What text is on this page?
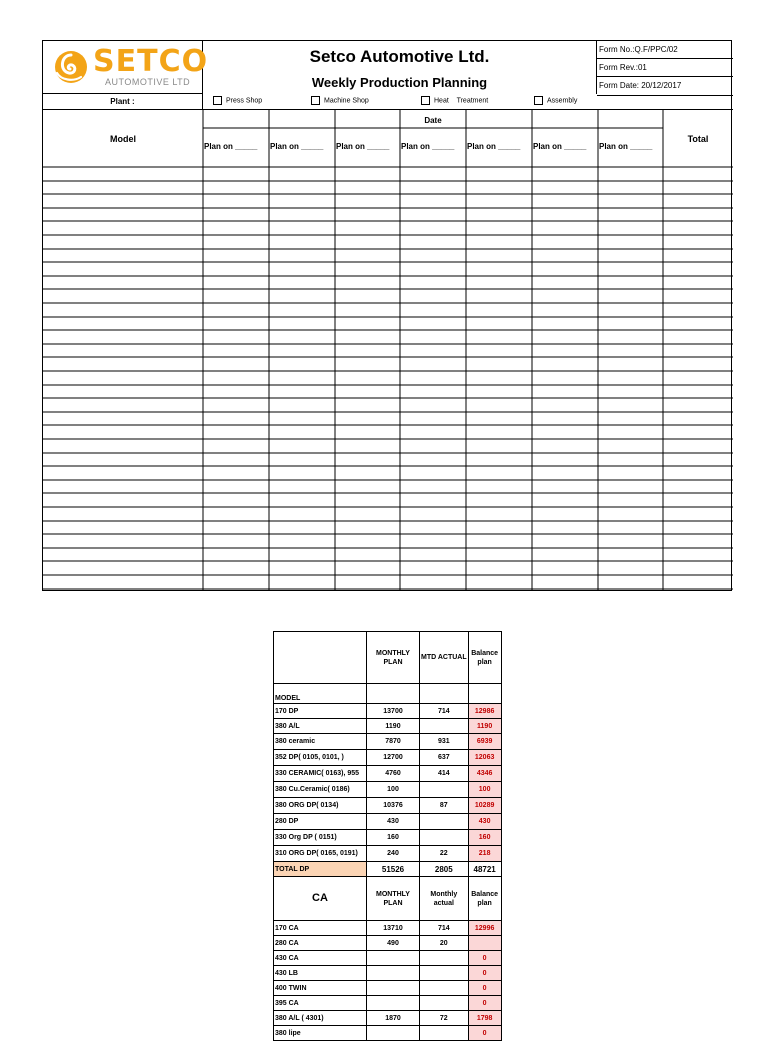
SETCO
AUTOMOTIVE LTD
Setco Automotive Ltd.
Weekly Production Planning
Form No.:Q.F/PPC/02
Form Rev.:01
Form Date: 20/12/2017
Plant :	Press Shop	Machine Shop	Heat Treatment	Assembly
Model
Date
Plan on _____ Plan on _____ Plan on _____ Plan on _____ Plan on _____ Plan on _____ Plan on _____
Total
	MONTHLY PLAN	MTD ACTUAL	Balance plan
MODEL			
170 DP	13700	714	12986
380 A/L	1190		1190
380 ceramic	7870	931	6939
352 DP( 0105, 0101, )	12700	637	12063
330 CERAMIC( 0163), 955	4760	414	4346
380 Cu.Ceramic( 0186)	100		100
380 ORG DP( 0134)	10376	87	10289
280 DP	430		430
330 Org DP ( 0151)	160		160
310 ORG DP( 0165, 0191)	240	22	218
TOTAL DP	51526	2805	48721
CA	MONTHLY PLAN	Monthly actual	Balance plan
170 CA	13710	714	12996
280 CA	490	20	
430 CA			0
430 LB			0
400 TWIN			0
395 CA			0
380 A/L ( 4301)	1870	72	1798
380 lipe			0
